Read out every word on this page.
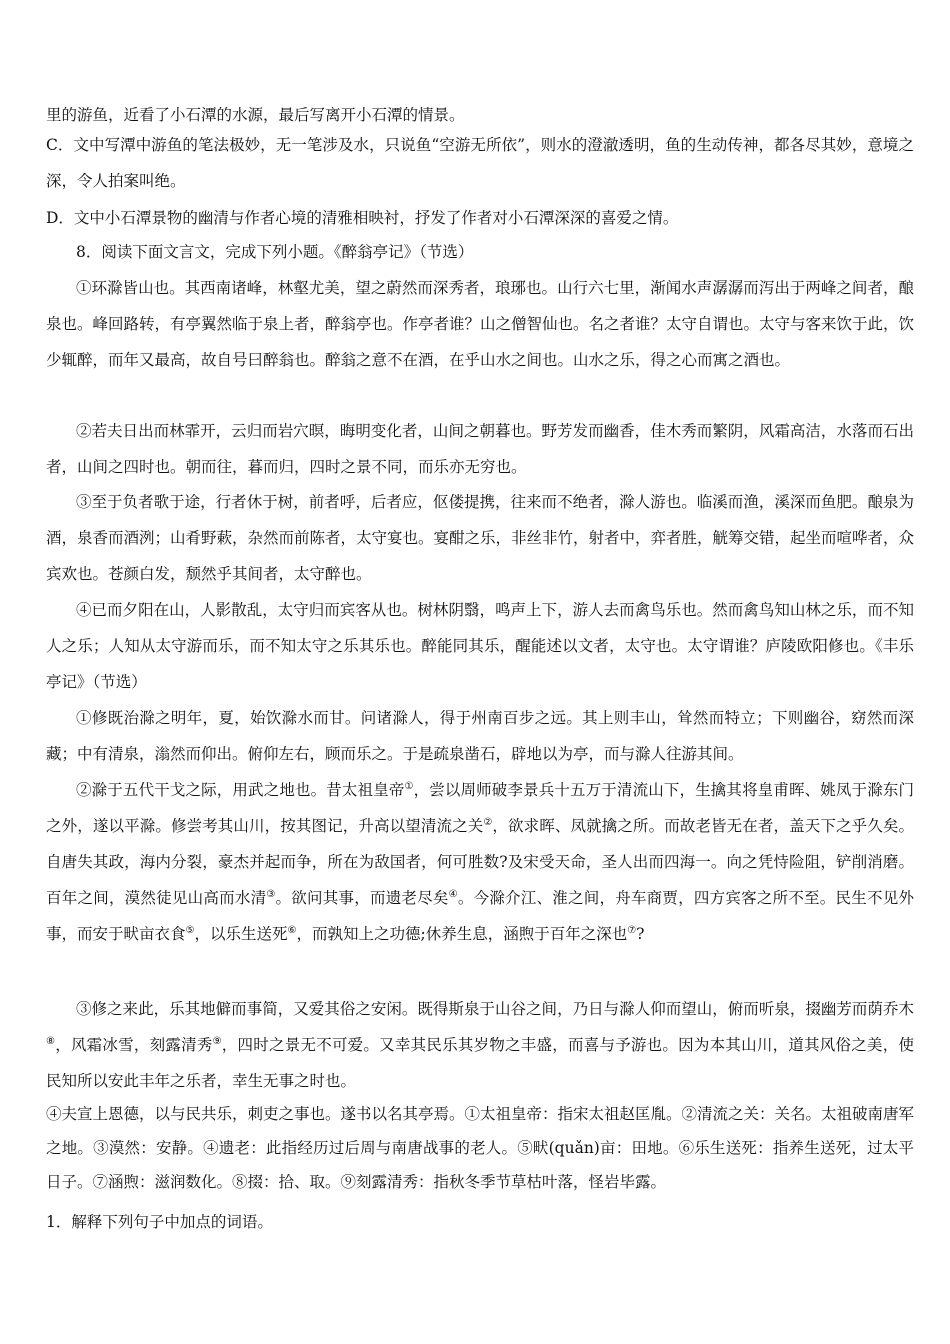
里的游鱼，近看了小石潭的水源，最后写离开小石潭的情景。

C．文中写潭中游鱼的笔法极妙，无一笔涉及水，只说鱼“空游无所依”，则水的澄澈透明，鱼的生动传神，都各尽其妙，意境之深，令人拍案叫绝。

D．文中小石潭景物的幽清与作者心境的清雅相映衬，抒发了作者对小石潭深深的喜爱之情。

8．阅读下面文言文，完成下列小题。《醉翁亭记》（节选）

①环滁皆山也。其西南诸峰，林壑尤美，望之蔚然而深秀者，琅琊也。山行六七里，渐闻水声潺潺而泻出于两峰之间者，酿泉也。峰回路转，有亭翼然临于泉上者，醉翁亭也。作亭者谁？山之僧智仙也。名之者谁？太守自谓也。太守与客来饮于此，饮少辄醉，而年又最高，故自号曰醉翁也。醉翁之意不在酒，在乎山水之间也。山水之乐，得之心而寓之酒也。

②若夫日出而林霏开，云归而岩穴暝，晦明变化者，山间之朝暮也。野芳发而幽香，佳木秀而繁阴，风霜高洁，水落而石出者，山间之四时也。朝而往，暮而归，四时之景不同，而乐亦无穷也。

③至于负者歌于途，行者休于树，前者呼，后者应，伛偻提携，往来而不绝者，滁人游也。临溪而渔，溪深而鱼肥。酿泉为酒，泉香而酒洌；山肴野蔌，杂然而前陈者，太守宴也。宴酣之乐，非丝非竹，射者中，弈者胜，觥筹交错，起坐而喧哗者，众宾欢也。苍颜白发，颓然乎其间者，太守醉也。

④已而夕阳在山，人影散乱，太守归而宾客从也。树林阴翳，鸣声上下，游人去而禽鸟乐也。然而禽鸟知山林之乐，而不知人之乐；人知从太守游而乐，而不知太守之乐其乐也。醉能同其乐，醒能述以文者，太守也。太守谓谁？庐陵欧阳修也。《丰乐亭记》（节选）

①修既治滁之明年，夏，始饮滁水而甘。问诸滁人，得于州南百步之远。其上则丰山，耸然而特立；下则幽谷，窈然而深藏；中有清泉，滃然而仰出。俯仰左右，顾而乐之。于是疏泉凿石，辟地以为亭，而与滁人往游其间。

②滁于五代干戈之际，用武之地也。昔太祖皇帝①，尝以周师破李景兵十五万于清流山下，生擒其将皇甫晖、姚凤于滁东门之外，遂以平滁。修尝考其山川，按其图记，升高以望清流之关②，欲求晖、凤就擒之所。而故老皆无在者，盖天下之乎久矣。自唐失其政，海内分裂，豪杰并起而争，所在为敌国者，何可胜数?及宋受天命，圣人出而四海一。向之凭恃险阻，铲削消磨。百年之间，漠然徒见山高而水清③。欲问其事，而遗老尽矣④。今滁介江、淮之间，舟车商贾，四方宾客之所不至。民生不见外事，而安于畎亩衣食⑤，以乐生送死⑥，而孰知上之功德;休养生息，涵煦于百年之深也⑦?

③修之来此，乐其地僻而事简，又爱其俗之安闲。既得斯泉于山谷之间，乃日与滁人仰而望山，俯而听泉，掇幽芳而荫乔木⑧，风霜冰雪，刻露清秀⑨，四时之景无不可爱。又幸其民乐其岁物之丰盛，而喜与予游也。因为本其山川，道其风俗之美，使民知所以安此丰年之乐者，幸生无事之时也。

④夫宣上恩德，以与民共乐，刺吏之事也。遂书以名其亭焉。①太祖皇帝：指宋太祖赵匡胤。②清流之关：关名。太祖破南唐军之地。③漠然：安静。④遗老：此指经历过后周与南唐战事的老人。⑤畎(quǎn)亩：田地。⑥乐生送死：指养生送死，过太平日子。⑦涵煦：滋润数化。⑧掇：拾、取。⑨刻露清秀：指秋冬季节草枯叶落，怪岩毕露。

1．解释下列句子中加点的词语。
